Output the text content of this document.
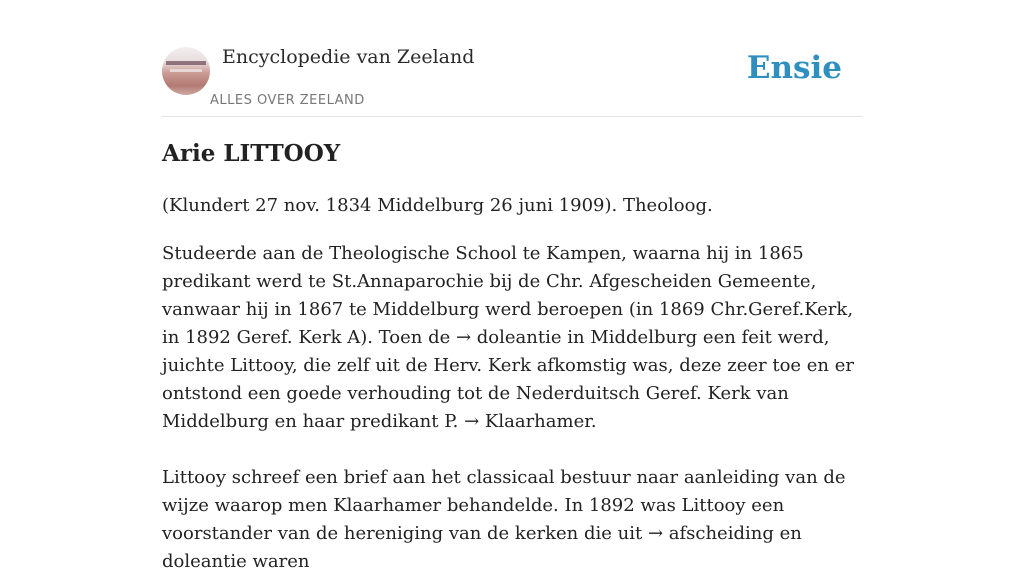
Encyclopedie van Zeeland
ALLES OVER ZEELAND
Ensie
Arie LITTOOY

(Klundert 27 nov. 1834 Middelburg 26 juni 1909). Theoloog.

Studeerde aan de Theologische School te Kampen, waarna hij in 1865 predikant werd te St.Annaparochie bij de Chr. Afgescheiden Gemeente, vanwaar hij in 1867 te Middelburg werd beroepen (in 1869 Chr.Geref.Kerk, in 1892 Geref. Kerk A). Toen de → doleantie in Middelburg een feit werd, juichte Littooy, die zelf uit de Herv. Kerk afkomstig was, deze zeer toe en er ontstond een goede verhouding tot de Nederduitsch Geref. Kerk van Middelburg en haar predikant P. → Klaarhamer.

Littooy schreef een brief aan het classicaal bestuur naar aanleiding van de wijze waarop men Klaarhamer behandelde. In 1892 was Littooy een voorstander van de hereniging van de kerken die uit → afscheiding en doleantie waren
